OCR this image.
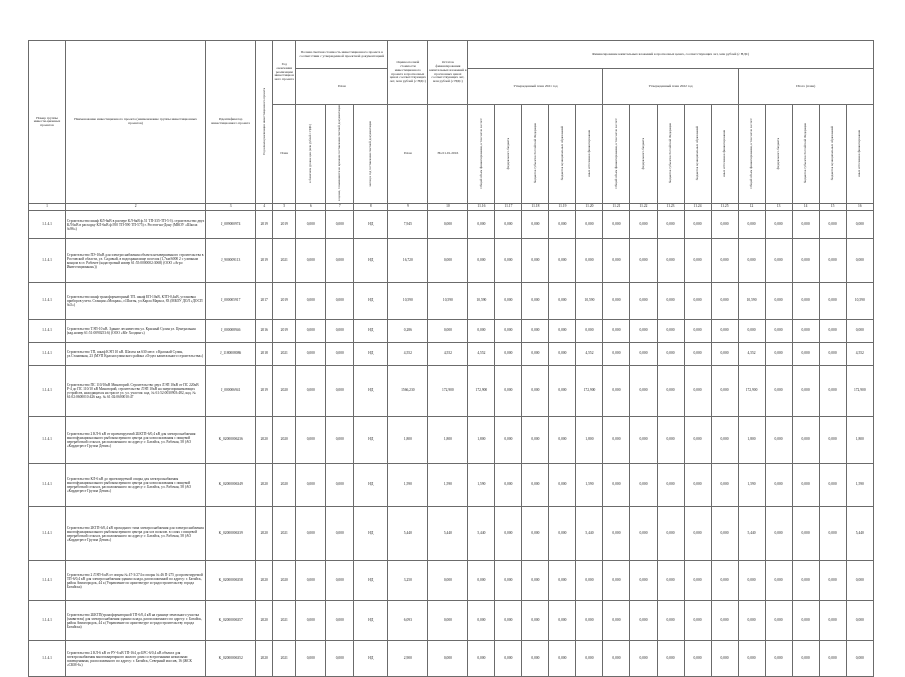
Номер группы инвести-ционных проектов	Наименование инвестиционного проекта (наименование группы инвестиционных проектов)	Идентификатор инвестиционного проекта	Год начала реализации инвестиционного проекта	Год окончания реализации инвестиционного проекта	Полная сметная стоимость инвестиционного проекта в соответствии с утвержденной проектной документацией			Оценка полной стоимости инвестиционного проекта в прогнозных ценах соответствующих лет, млн рублей (с НДС)	Остаток финансирования капитальных вложений в прогнозных ценах соответствующих лет, млн рублей (с НДС)	Финансирование капитальных вложений в прогнозных ценах, соответствующих лет, млн рублей (с НДС)														
					План					Утвержденный план 2021 год					Утвержденный план 2022 год					Итого (план)				
				План	в базисном уровне цен (млн рублей с НДС)	в ценах, сложившихся ко времени составления сметной документации	месяц и год составления сметной документации	План	На 01.01.2016	Общий объем финансирования, в том числе за счет:	федерального бюджета	бюджетов субъектов Российской Федерации	бюджетов муниципальных образований	иных источников финансирования	Общий объем финансирования, в том числе за счет:	федерального бюджета	бюджетов субъектов Российской Федерации	бюджетов муниципальных образований	иных источников финансирования	Общий объем финансирования, в том числе за счет:	федерального бюджета	бюджетов субъектов Российской Федерации	бюджетов муниципальных образований	иных источников финансирования
1	2	3	4	5	6	7	8	9	10	11.16	11.17	11.18	11.19	11.20	11.21	11.22	11.23	11.24	11.25	12	13	14	15	16
1.1.4.1	Строительство шкаф КЛ-6кВ в расчере КЛ-6кВ ф.51 ТП-335-ТП-5 б). строительство двух КЛ 6кВ в расходку КЛ-6кВ ф.950 ТП-590 ТП-575) г. Ростов-на-Дону (МКОУ «Школа №96»)	J_009000974	2019	2019	0,000	0,000	НД	7,945	0,000	0,000	0,000	0,000	0,000	0,000	0,000	0,000	0,000	0,000	0,000	0,000	0,000	0,000	0,000	0,000
1.1.4.1	Строительство ПЭ-10кВ для электроснабжения объекта незавершенного строительства в Ростовской области, ул. Садовый, в водохранилище поселок (1,7км/6000 2 с уличным концом в ст. Рабочее (кадастровый номер 61:55:0000002:3068) (ООО «Агро Инвестиционная»))	J_900009113	2019	2021	0,000	0,000	НД	16,720	0,000	0,000	0,000	0,000	0,000	0,000	0,000	0,000	0,000	0,000	0,000	0,000	0,000	0,000	0,000	0,000
1.1.4.1	Строительство шкаф трансформаторный ТП. шкаф ЕП-10кВ, КТП-0,4кВ, установка приборов учета. Станция «Мокрая», г.Шахты, ул.Карла Маркса, 83 (МБОУ ДОЛ «ДОСП №5»)	J_000005917	2017	2019	0,000	0,000	НД	10,590	10,590	10,590	0,000	0,000	0,000	10,590	0,000	0,000	0,000	0,000	0,000	10,590	0,000	0,000	0,000	10,590
1.1.4.1	Строительство ТЭП-10 кВ. Здание лесничества ул. Красный Сулин ул. Центральная (кад.номер 61:51:0090253:6) (ООО «Юг Холдинг»)	J_000008946	2016	2019	0,000	0,000	НД	0,286	0,000	0,000	0,000	0,000	0,000	0,000	0,000	0,000	0,000	0,000	0,000	0,000	0,000	0,000	0,000	0,000
1.1.4.1	Строительство ТП, шкаф КЭП 10 кВ. Шахты кв 630 мест. г.Красный Сулин, ул.Станичная, 23 (МУП Красносулинского района «Отдел капитального строительства»)	J_1180008086	2018	2021	0,000	0,000	НД	4,552	4,552	4,552	0,000	0,000	0,000	4,552	0,000	0,000	0,000	0,000	0,000	4,552	0,000	0,000	0,000	4,552
1.1.4.1	Строительство ПС 110/10кВ Минаторий. Строительство двух ЛЭП 10кВ от ПС 220кВ Р-4 до ПС 110/10 кВ Минаторий, строительство ЛЭП 10кВ на энергопринимающих устройств, находящихся на трассе ул. ул. участок: кад. № 61:52:0030903:482, кад. № 61:02:0600010:426 кад. № 61:02:0600010:47	J_000006941	2019	2020	0,000	0,000	НД	1566,230	172,900	172,900	0,000	0,000	0,000	172,900	0,000	0,000	0,000	0,000	0,000	172,900	0,000	0,000	0,000	172,900
1.1.4.1	Строительство 2 КЛ-6 кВ от проектируемой 2БКТП-6/0,4 кВ для электроснабжения многофункционального рыбоконсервного центра для хозпользования с пищевой переработкой сельхоз, расположенного по адресу: г. Батайск, ул. Рабочая, 58 (АО «Кордитрест Группа Девиз»)	K_02000006236	2020	2020	0,000	0,000	НД	1,800	1,800	1,800	0,000	0,000	0,000	1,800	0,000	0,000	0,000	0,000	0,000	1,800	0,000	0,000	0,000	1,800
1.1.4.1	Строительство КЛ-6 кВ до проектируемой опоры для электроснабжения многофункционального рыбоконсервного центра для хозпользования с пищевой переработкой сельхоз, расположенного по адресу: г. Батайск, ул. Рабочая, 58 (АО «Кордитрест Группа Девиз»)	K_02000006349	2020	2020	0,000	0,000	НД	1,590	1,590	1,590	0,000	0,000	0,000	1,590	0,000	0,000	0,000	0,000	0,000	1,590	0,000	0,000	0,000	1,590
1.1.4.1	Строительство 2КТП-6/0,4 кВ проходного типа электроснабжения для электроснабжения многофункционального рыбоконсервного центра для хоз пользов. в слоях с пищевой переработкой сельхоз, расположенного по адресу: г. Батайск, ул. Рабочая, 58 (АО «Кордитрест Группа Девиз»)	K_02000006339	2020	2021	0,000	0,000	НД	5,440	5,440	5,440	0,000	0,000	0,000	5,440	0,000	0,000	0,000	0,000	0,000	5,440	0,000	0,000	0,000	5,440
1.1.4.1	Строительство 2 ЛЭП-6 кВ от опоры № 47-3/274 и опоры № 46 П-275 до проектируемой ТП-6/0,4 кВ для электроснабжения здания склада, расположенной по адресу: г. Батайск, район Авиагородок, 44 а (Управление по архитектуре и градостроительству города Батайска)	K_02000006358	2020	2020	0,000	0,000	НД	3,250	0,000	0,000	0,000	0,000	0,000	0,000	0,000	0,000	0,000	0,000	0,000	0,000	0,000	0,000	0,000	0,000
1.1.4.1	Строительство 2БКТП(трансформаторной ТП-6/0,4 кВ на границе земельного участка (заявителя) для электроснабжения здания склада, расположенного по адресу: г. Батайск, район Авиагородок, 44 а (Управление по архитектуре и градостроительству города Батайска)	K_02000006357	2020	2021	0,000	0,000	НД	6,093	0,000	0,000	0,000	0,000	0,000	0,000	0,000	0,000	0,000	0,000	0,000	0,000	0,000	0,000	0,000	0,000
1.1.4.1	Строительство 2 КЛ-6 кВ от РУ-6 кВ ТП-164 до БРС-6/0,4 кВ объекта для электроснабжения многоквартирного жилого дома со встроенными нежилыми помещениями, расположенного по адресу: г. Батайск, Северный массив, 16 (ЖСК «СКМ-6»)	K_02000006352	2020	2021	0,000	0,000	НД	2,900	0,000	0,000	0,000	0,000	0,000	0,000	0,000	0,000	0,000	0,000	0,000	0,000	0,000	0,000	0,000	0,000
